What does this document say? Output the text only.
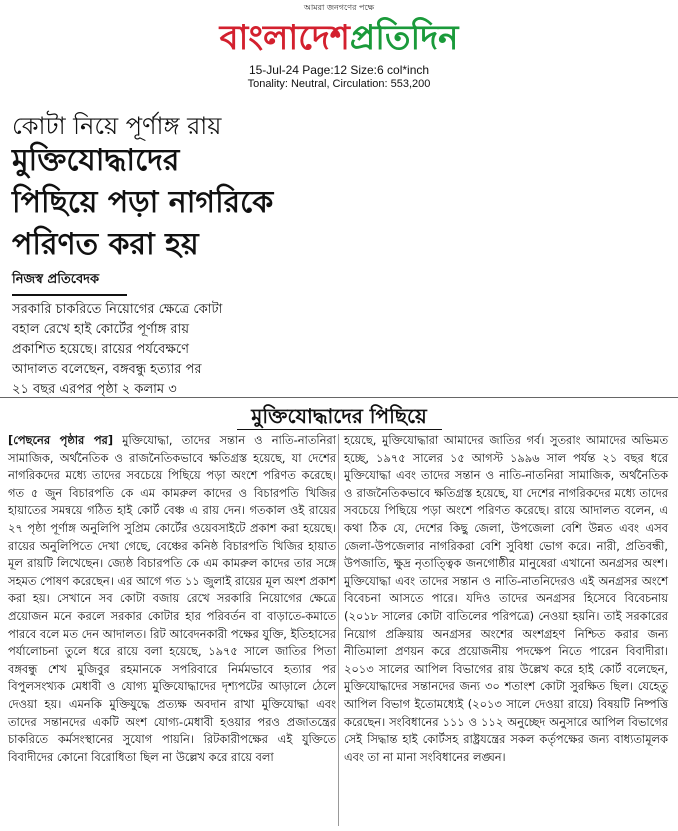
আমরা জনগণের পক্ষে
বাংলাদেশপ্রতিদিন
15-Jul-24 Page:12 Size:6 col*inch
Tonality: Neutral, Circulation: 553,200
কোটা নিয়ে পূর্ণাঙ্গ রায়
মুক্তিযোদ্ধাদের
পিছিয়ে পড়া নাগরিকে
পরিণত করা হয়
নিজস্ব প্রতিবেদক
সরকারি চাকরিতে নিয়োগের ক্ষেত্রে কোটা
বহাল রেখে হাই কোর্টের পূর্ণাঙ্গ রায়
প্রকাশিত হয়েছে। রায়ের পর্যবেক্ষণে
আদালত বলেছেন, বঙ্গবন্ধু হত্যার পর
২১ বছর এরপর পৃষ্ঠা ২ কলাম ৩
মুক্তিযোদ্ধাদের পিছিয়ে
[পেছনের পৃষ্ঠার পর] মুক্তিযোদ্ধা, তাদের সন্তান ও নাতি-নাতনিরা সামাজিক, অর্থনৈতিক ও রাজনৈতিকভাবে ক্ষতিগ্রস্ত হয়েছে, যা দেশের নাগরিকদের মধ্যে তাদের সবচেয়ে পিছিয়ে পড়া অংশে পরিণত করেছে। গত ৫ জুন বিচারপতি কে এম কামরুল কাদের ও বিচারপতি খিজির হায়াতের সমন্বয়ে গঠিত হাই কোর্ট বেঞ্চ এ রায় দেন। গতকাল ওই রায়ের ২৭ পৃষ্ঠা পূর্ণাঙ্গ অনুলিপি সুপ্রিম কোর্টের ওয়েবসাইটে প্রকাশ করা হয়েছে। রায়ের অনুলিপিতে দেখা গেছে, বেঞ্চের কনিষ্ঠ বিচারপতি খিজির হায়াত মূল রায়টি লিখেছেন। জ্যেষ্ঠ বিচারপতি কে এম কামরুল কাদের তার সঙ্গে সহমত পোষণ করেছেন। এর আগে গত ১১ জুলাই রায়ের মূল অংশ প্রকাশ করা হয়। সেখানে সব কোটা বজায় রেখে সরকারি নিয়োগের ক্ষেত্রে প্রয়োজন মনে করলে সরকার কোটার হার পরিবর্তন বা বাড়াতে-কমাতে পারবে বলে মত দেন আদালত। রিট আবেদনকারী পক্ষের যুক্তি, ইতিহাসের পর্যালোচনা তুলে ধরে রায়ে বলা হয়েছে, ১৯৭৫ সালে জাতির পিতা বঙ্গবন্ধু শেখ মুজিবুর রহমানকে সপরিবারে নির্মমভাবে হত্যার পর বিপুলসংখ্যক মেধাবী ও যোগ্য মুক্তিযোদ্ধাদের দৃশ্যপটের আড়ালে ঠেলে দেওয়া হয়। এমনকি মুক্তিযুদ্ধে প্রত্যক্ষ অবদান রাখা মুক্তিযোদ্ধা এবং তাদের সন্তানদের একটি অংশ যোগ্য-মেধাবী হওয়ার পরও প্রজাতন্ত্রের চাকরিতে কর্মসংস্থানের সুযোগ পায়নি। রিটকারীপক্ষের এই যুক্তিতে বিবাদীদের কোনো বিরোধিতা ছিল না উল্লেখ করে রায়ে বলা
হয়েছে, মুক্তিযোদ্ধারা আমাদের জাতির গর্ব। সুতরাং আমাদের অভিমত হচ্ছে, ১৯৭৫ সালের ১৫ আগস্ট ১৯৯৬ সাল পর্যন্ত ২১ বছর ধরে মুক্তিযোদ্ধা এবং তাদের সন্তান ও নাতি-নাতনিরা সামাজিক, অর্থনৈতিক ও রাজনৈতিকভাবে ক্ষতিগ্রস্ত হয়েছে, যা দেশের নাগরিকদের মধ্যে তাদের সবচেয়ে পিছিয়ে পড়া অংশে পরিণত করেছে। রায়ে আদালত বলেন, এ কথা ঠিক যে, দেশের কিছু জেলা, উপজেলা বেশি উন্নত এবং এসব জেলা-উপজেলার নাগরিকরা বেশি সুবিধা ভোগ করে। নারী, প্রতিবন্ধী, উপজাতি, ক্ষুদ্র নৃতাত্ত্বিক জনগোষ্ঠীর মানুষেরা এখানো অনগ্রসর অংশ। মুক্তিযোদ্ধা এবং তাদের সন্তান ও নাতি-নাতনিদেরও এই অনগ্রসর অংশে বিবেচনা আসতে পারে। যদিও তাদের অনগ্রসর হিসেবে বিবেচনায় (২০১৮ সালের কোটা বাতিলের পরিপত্রে) নেওয়া হয়নি। তাই সরকারের নিয়োগ প্রক্রিয়ায় অনগ্রসর অংশের অংশগ্রহণ নিশ্চিত করার জন্য নীতিমালা প্রণয়ন করে প্রয়োজনীয় পদক্ষেপ নিতে পারেন বিবাদীরা। ২০১৩ সালের আপিল বিভাগের রায় উল্লেখ করে হাই কোর্ট বলেছেন, মুক্তিযোদ্ধাদের সন্তানদের জন্য ৩০ শতাংশ কোটা সুরক্ষিত ছিল। যেহেতু আপিল বিভাগ ইতোমধ্যেই (২০১৩ সালে দেওয়া রায়ে) বিষয়টি নিষ্পত্তি করেছেন। সংবিধানের ১১১ ও ১১২ অনুচ্ছেদ অনুসারে আপিল বিভাগের সেই সিদ্ধান্ত হাই কোর্টসহ রাষ্ট্রযন্ত্রের সকল কর্তৃপক্ষের জন্য বাধ্যতামূলক এবং তা না মানা সংবিধানের লঙ্ঘন।
